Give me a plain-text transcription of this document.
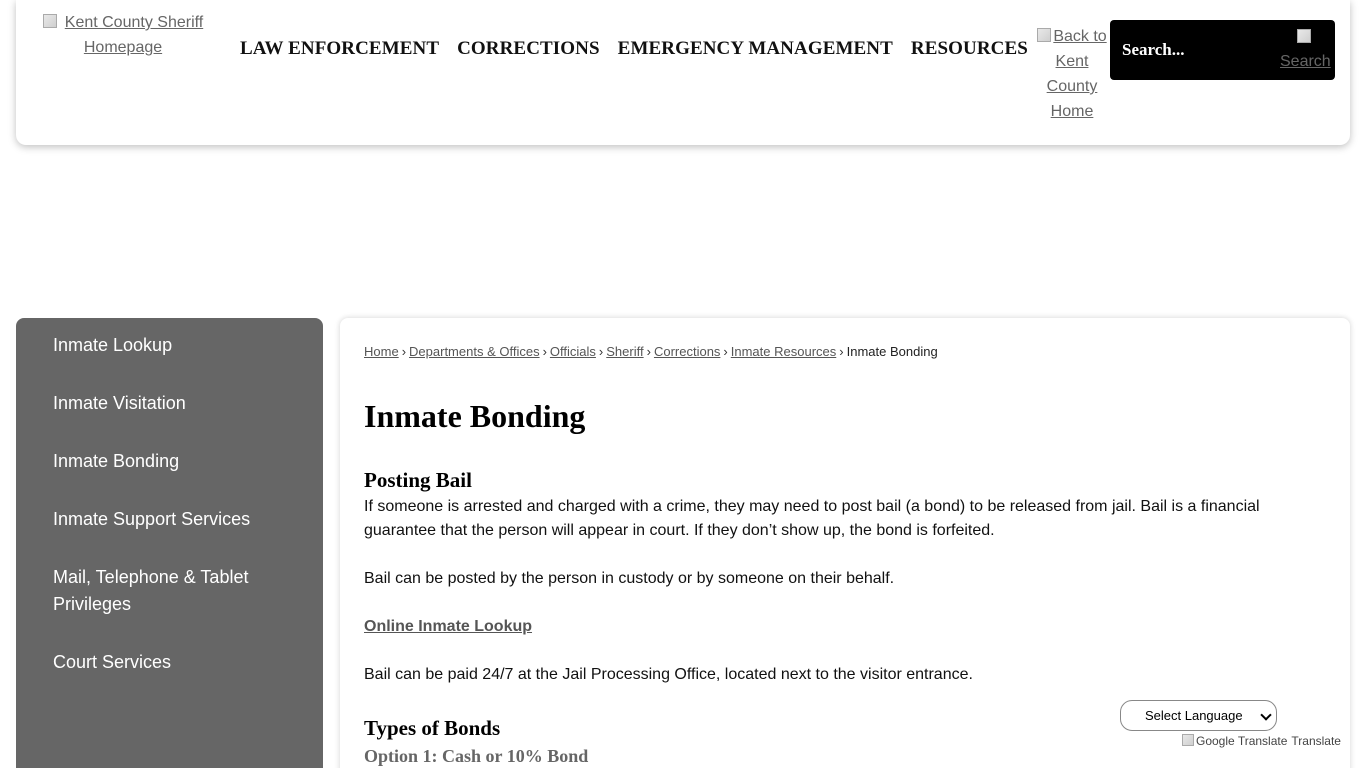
Kent County Sheriff Homepage	LAW ENFORCEMENT CORRECTIONS EMERGENCY MANAGEMENT RESOURCES
Back to Kent County Home
Search...
Search
Inmate Lookup
Inmate Visitation
Inmate Bonding
Inmate Support Services
Mail, Telephone & Tablet Privileges
Court Services
Home › Departments & Offices › Officials › Sheriff › Corrections › Inmate Resources › Inmate Bonding
Inmate Bonding
Posting Bail

If someone is arrested and charged with a crime, they may need to post bail (a bond) to be released from jail. Bail is a financial guarantee that the person will appear in court. If they don’t show up, the bond is forfeited.

Bail can be posted by the person in custody or by someone on their behalf.

Online Inmate Lookup

Bail can be paid 24/7 at the Jail Processing Office, located next to the visitor entrance.

Types of Bonds
Option 1: Cash or 10% Bond
Select Language
Google Translate Translate
